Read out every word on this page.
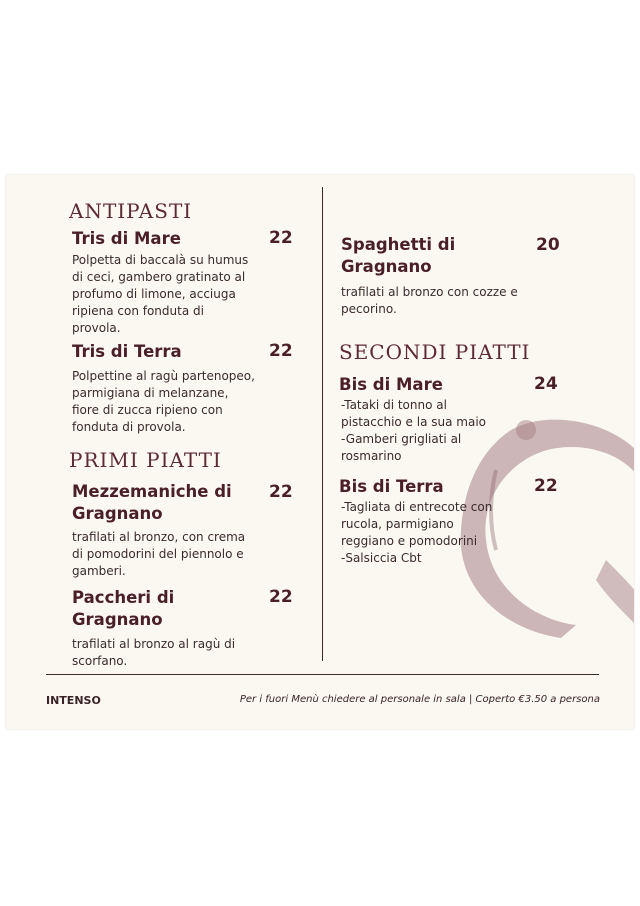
ANTIPASTI
Tris di Mare	22
Polpetta di baccalà su humus
di ceci, gambero gratinato al
profumo di limone, acciuga
ripiena con fonduta di
provola.
Tris di Terra	22
Polpettine al ragù partenopeo,
parmigiana di melanzane,
fiore di zucca ripieno con
fonduta di provola.
PRIMI PIATTI
Mezzemaniche di
Gragnano
22
trafilati al bronzo, con crema
di pomodorini del piennolo e
gamberi.
Paccheri di
Gragnano
22
trafilati al bronzo al ragù di
scorfano.
Spaghetti di
Gragnano
20
trafilati al bronzo con cozze e
pecorino.
SECONDI PIATTI
Bis di Mare	24
-Tataki di tonno al
pistacchio e la sua maio
-Gamberi grigliati al
rosmarino
Bis di Terra	22
-Tagliata di entrecote con
rucola, parmigiano
reggiano e pomodorini
-Salsiccia Cbt
INTENSO	Per i fuori Menù chiedere al personale in sala | Coperto €3.50 a persona
